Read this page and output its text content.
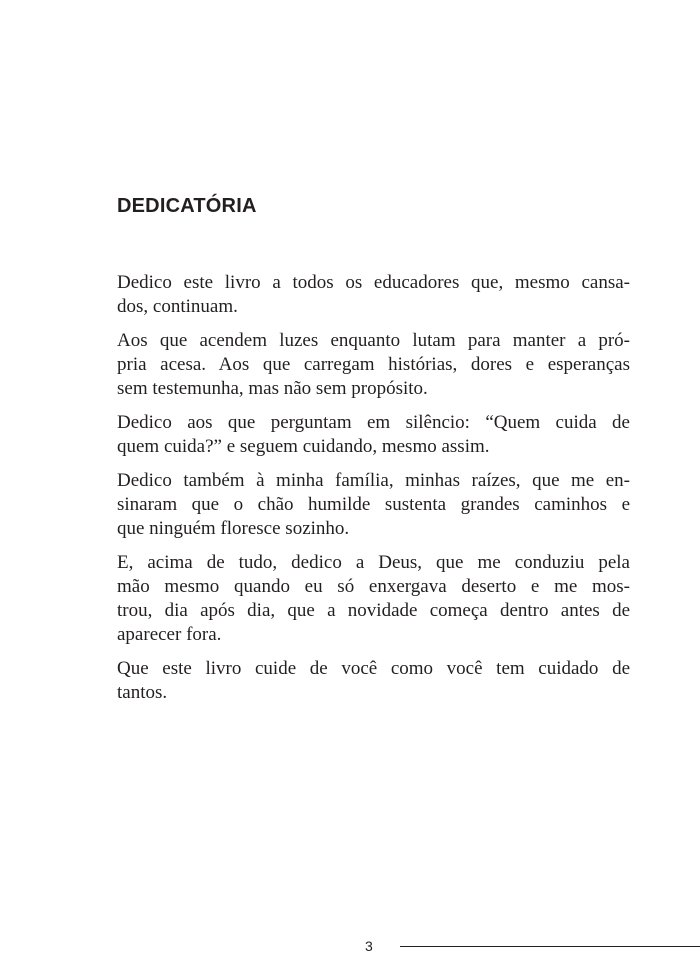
DEDICATÓRIA

Dedico este livro a todos os educadores que, mesmo cansa-
dos, continuam.

Aos que acendem luzes enquanto lutam para manter a pró-
pria acesa. Aos que carregam histórias, dores e esperanças
sem testemunha, mas não sem propósito.

Dedico aos que perguntam em silêncio: “Quem cuida de
quem cuida?” e seguem cuidando, mesmo assim.

Dedico também à minha família, minhas raízes, que me en-
sinaram que o chão humilde sustenta grandes caminhos e
que ninguém floresce sozinho.

E, acima de tudo, dedico a Deus, que me conduziu pela
mão mesmo quando eu só enxergava deserto e me mos-
trou, dia após dia, que a novidade começa dentro antes de
aparecer fora.

Que este livro cuide de você como você tem cuidado de
tantos.

3
